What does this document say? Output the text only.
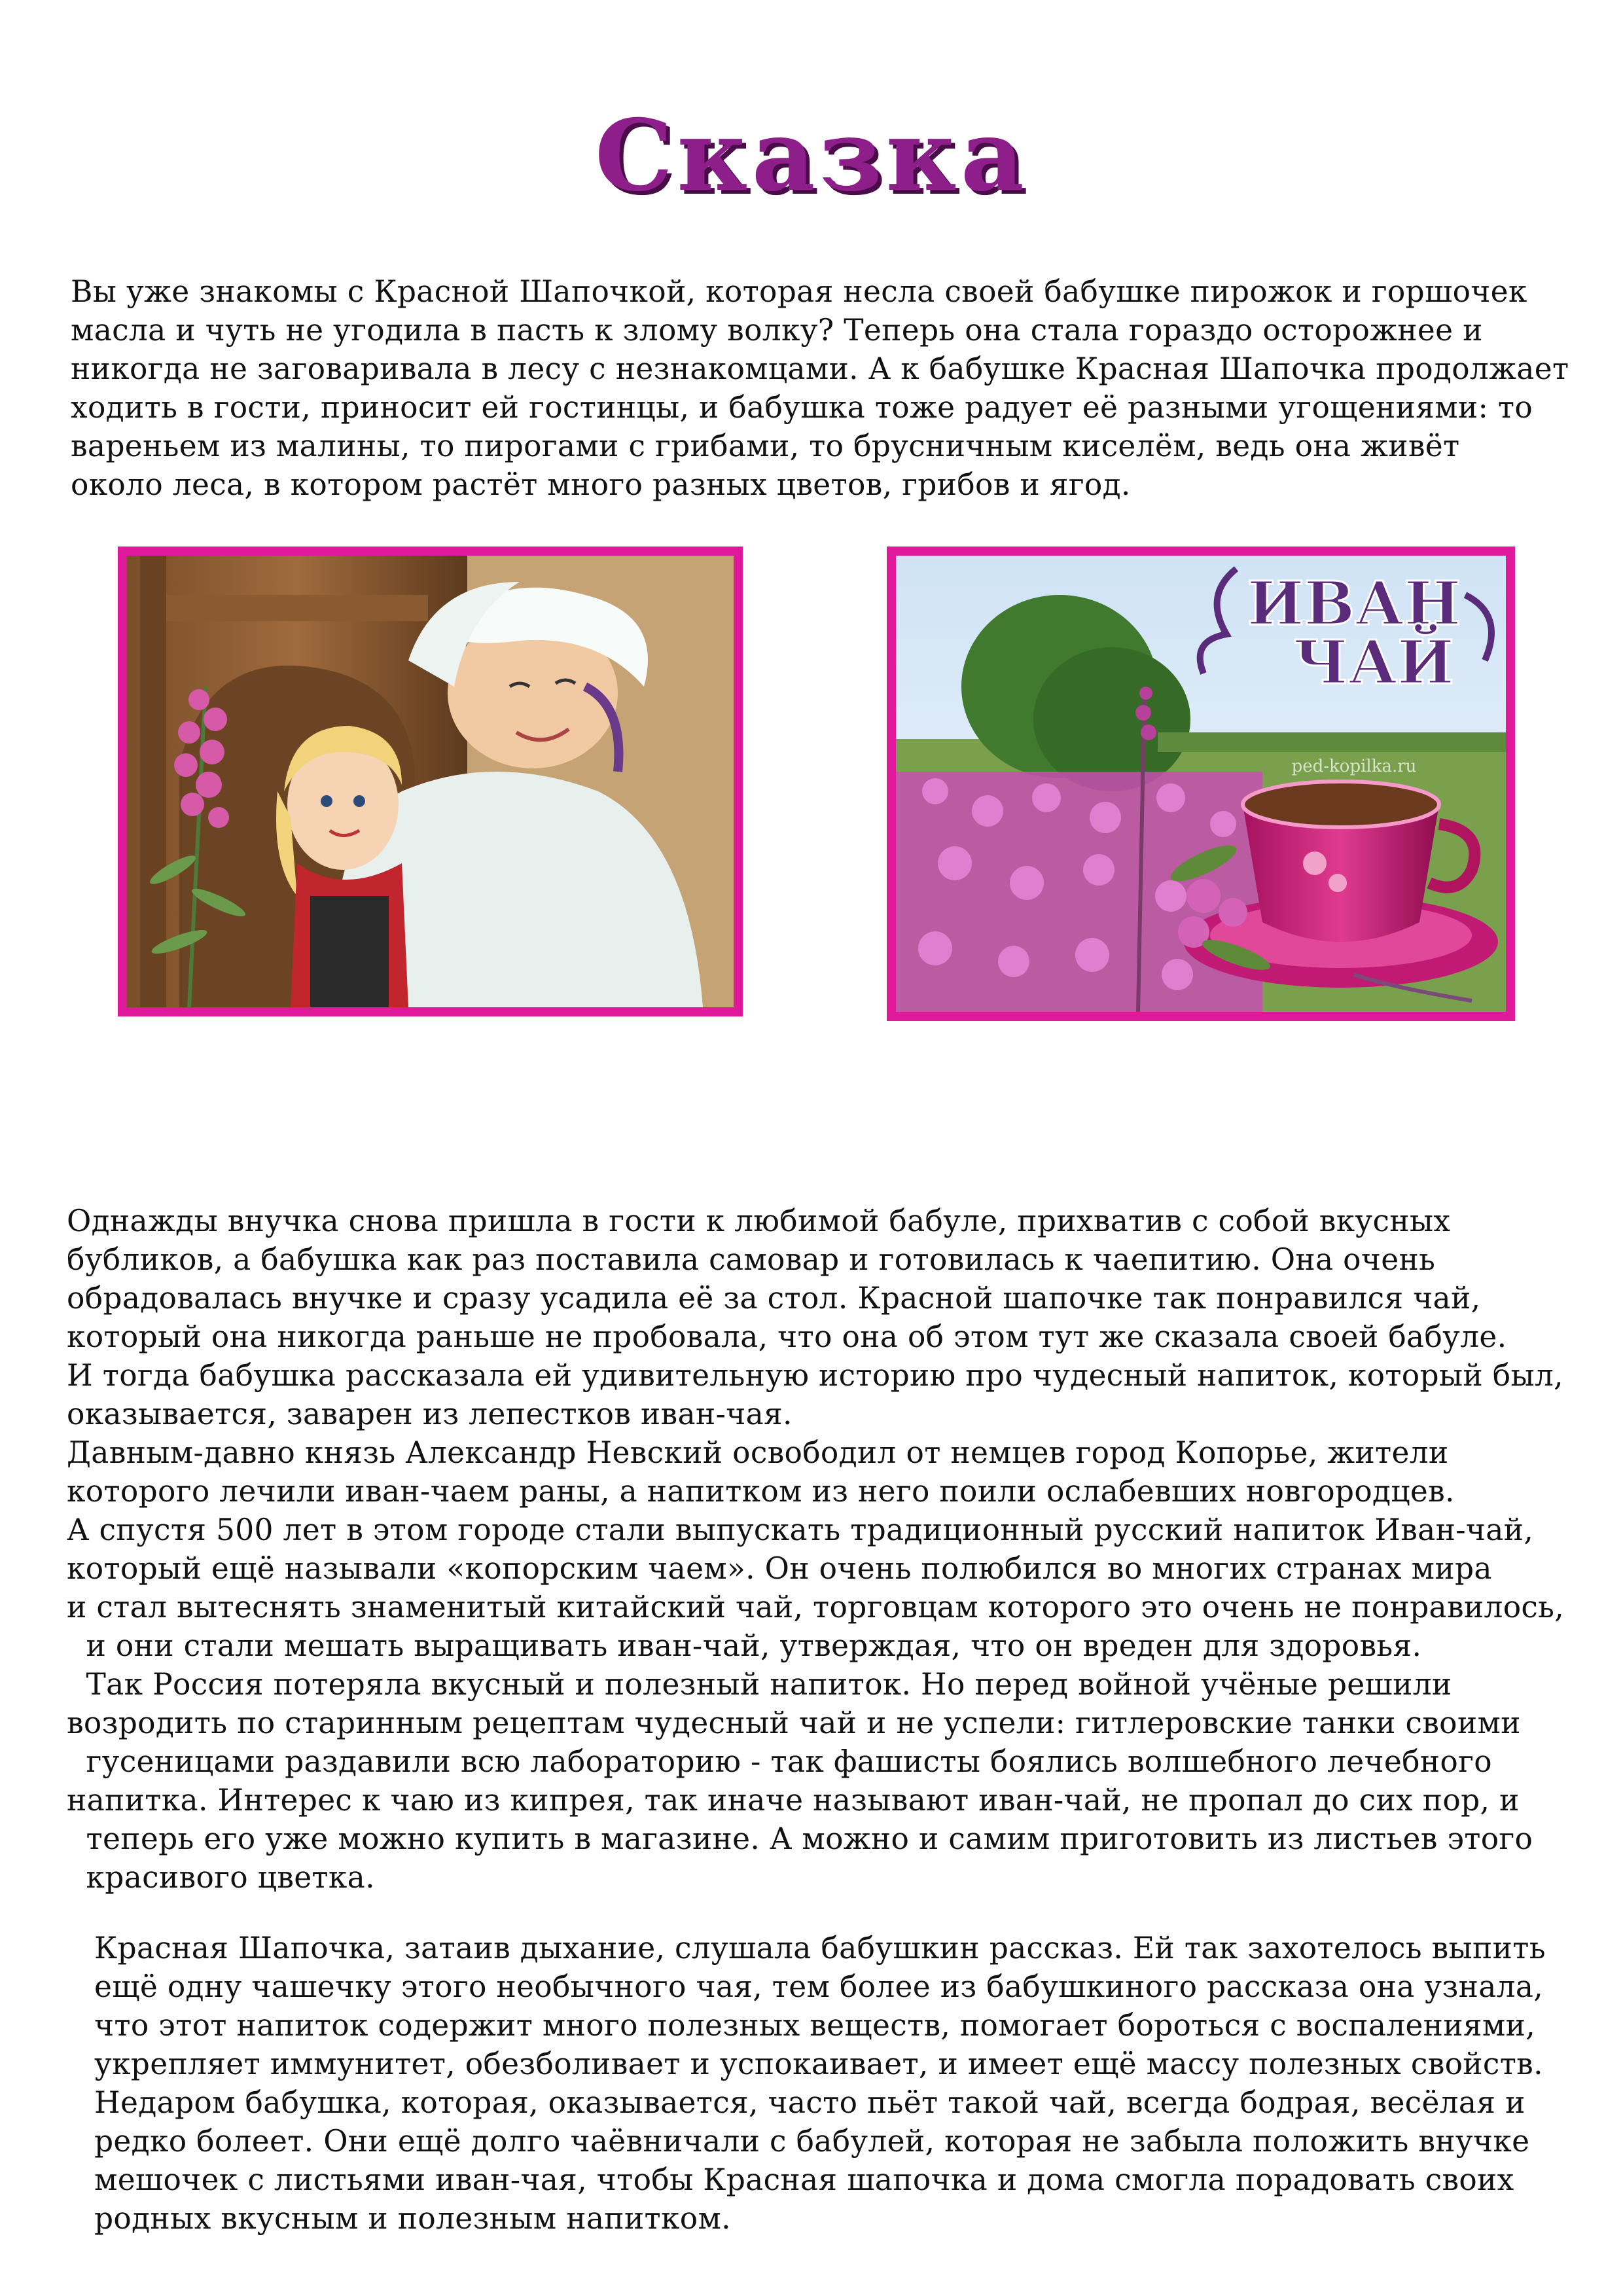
Сказка

Вы уже знакомы с Красной Шапочкой, которая несла своей бабушке пирожок и горшочек
масла и чуть не угодила в пасть к злому волку? Теперь она стала гораздо осторожнее и
никогда не заговаривала в лесу с незнакомцами. А к бабушке Красная Шапочка продолжает
ходить в гости, приносит ей гостинцы, и бабушка тоже радует её разными угощениями: то
вареньем из малины, то пирогами с грибами, то брусничным киселём, ведь она живёт
около леса, в котором растёт много разных цветов, грибов и ягод.

ИВАН
ЧАЙ
ped-kopilka.ru

Однажды внучка снова пришла в гости к любимой бабуле, прихватив с собой вкусных
бубликов, а бабушка как раз поставила самовар и готовилась к чаепитию. Она очень
обрадовалась внучке и сразу усадила её за стол. Красной шапочке так понравился чай,
который она никогда раньше не пробовала, что она об этом тут же сказала своей бабуле.
И тогда бабушка рассказала ей удивительную историю про чудесный напиток, который был,
оказывается, заварен из лепестков иван-чая.
Давным-давно князь Александр Невский освободил от немцев город Копорье, жители
которого лечили иван-чаем раны, а напитком из него поили ослабевших новгородцев.
А спустя 500 лет в этом городе стали выпускать традиционный русский напиток Иван-чай,
который ещё называли «копорским чаем». Он очень полюбился во многих странах мира
и стал вытеснять знаменитый китайский чай, торговцам которого это очень не понравилось,
и они стали мешать выращивать иван-чай, утверждая, что он вреден для здоровья.
Так Россия потеряла вкусный и полезный напиток. Но перед войной учёные решили
возродить по старинным рецептам чудесный чай и не успели: гитлеровские танки своими
гусеницами раздавили всю лабораторию - так фашисты боялись волшебного лечебного
напитка. Интерес к чаю из кипрея, так иначе называют иван-чай, не пропал до сих пор, и
теперь его уже можно купить в магазине. А можно и самим приготовить из листьев этого
красивого цветка.

Красная Шапочка, затаив дыхание, слушала бабушкин рассказ. Ей так захотелось выпить
ещё одну чашечку этого необычного чая, тем более из бабушкиного рассказа она узнала,
что этот напиток содержит много полезных веществ, помогает бороться с воспалениями,
укрепляет иммунитет, обезболивает и успокаивает, и имеет ещё массу полезных свойств.
Недаром бабушка, которая, оказывается, часто пьёт такой чай, всегда бодрая, весёлая и
редко болеет. Они ещё долго чаёвничали с бабулей, которая не забыла положить внучке
мешочек с листьями иван-чая, чтобы Красная шапочка и дома смогла порадовать своих
родных вкусным и полезным напитком.
